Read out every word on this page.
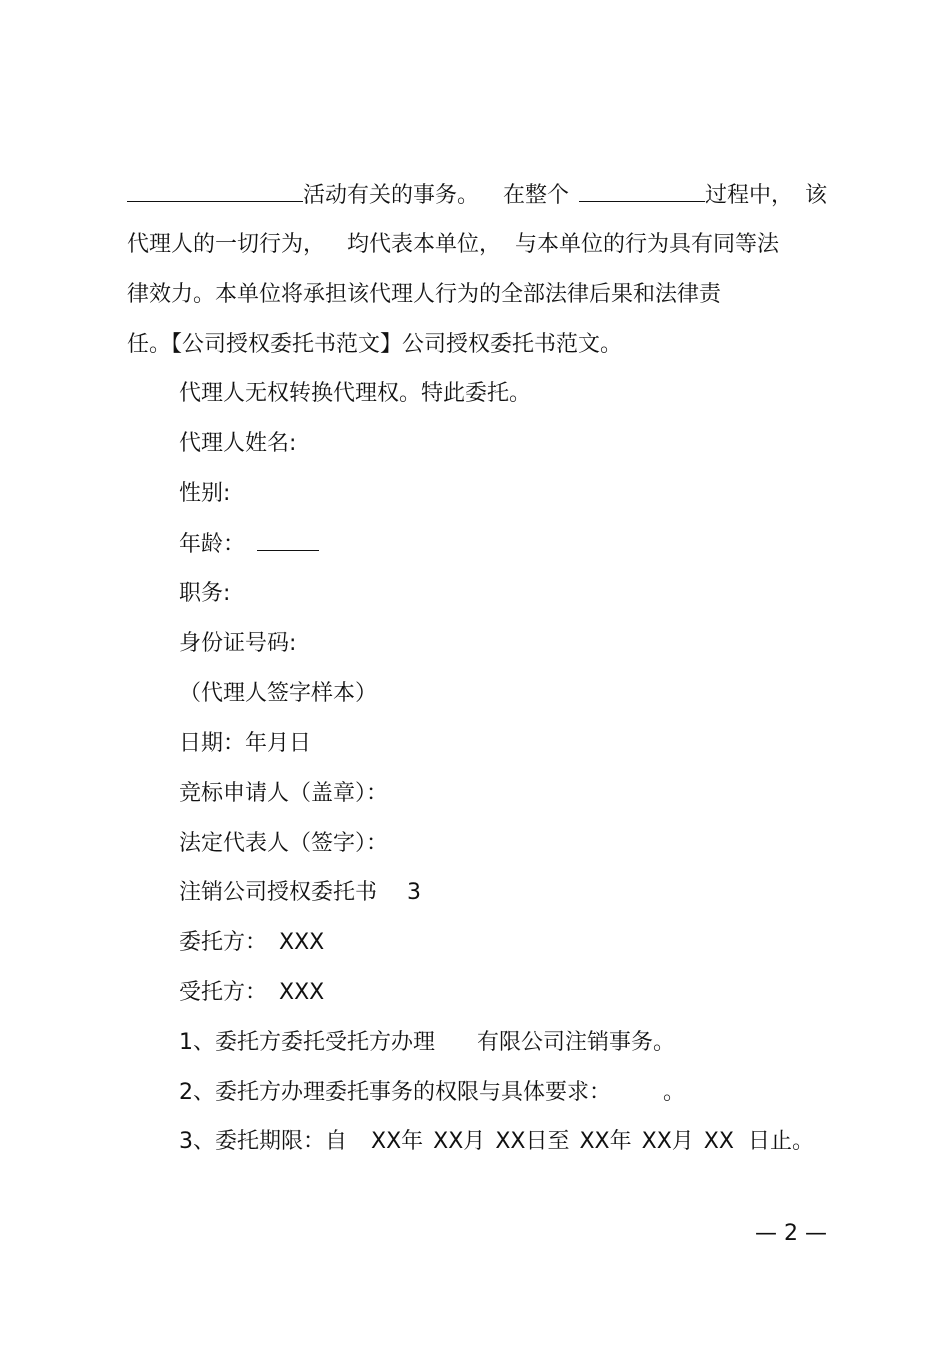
活动有关的事务。 在整个	过程中， 该
代理人的一切行为， 均代表本单位， 与本单位的行为具有同等法
律效力。本单位将承担该代理人行为的全部法律后果和法律责
任。【公司授权委托书范文】公司授权委托书范文。
代理人无权转换代理权。特此委托。
代理人姓名:
性别:
年龄：
职务:
身份证号码:
（代理人签字样本）
日期：年月日
竞标申请人（盖章）：
法定代表人（签字）：
注销公司授权委托书 3
委托方： XXX
受托方： XXX
1、委托方委托受托方办理 有限公司注销事务。
2、委托方办理委托事务的权限与具体要求： 。
3、委托期限：自 XX年 XX月 XX日至 XX年 XX月 XX 日止。
— 2 —
